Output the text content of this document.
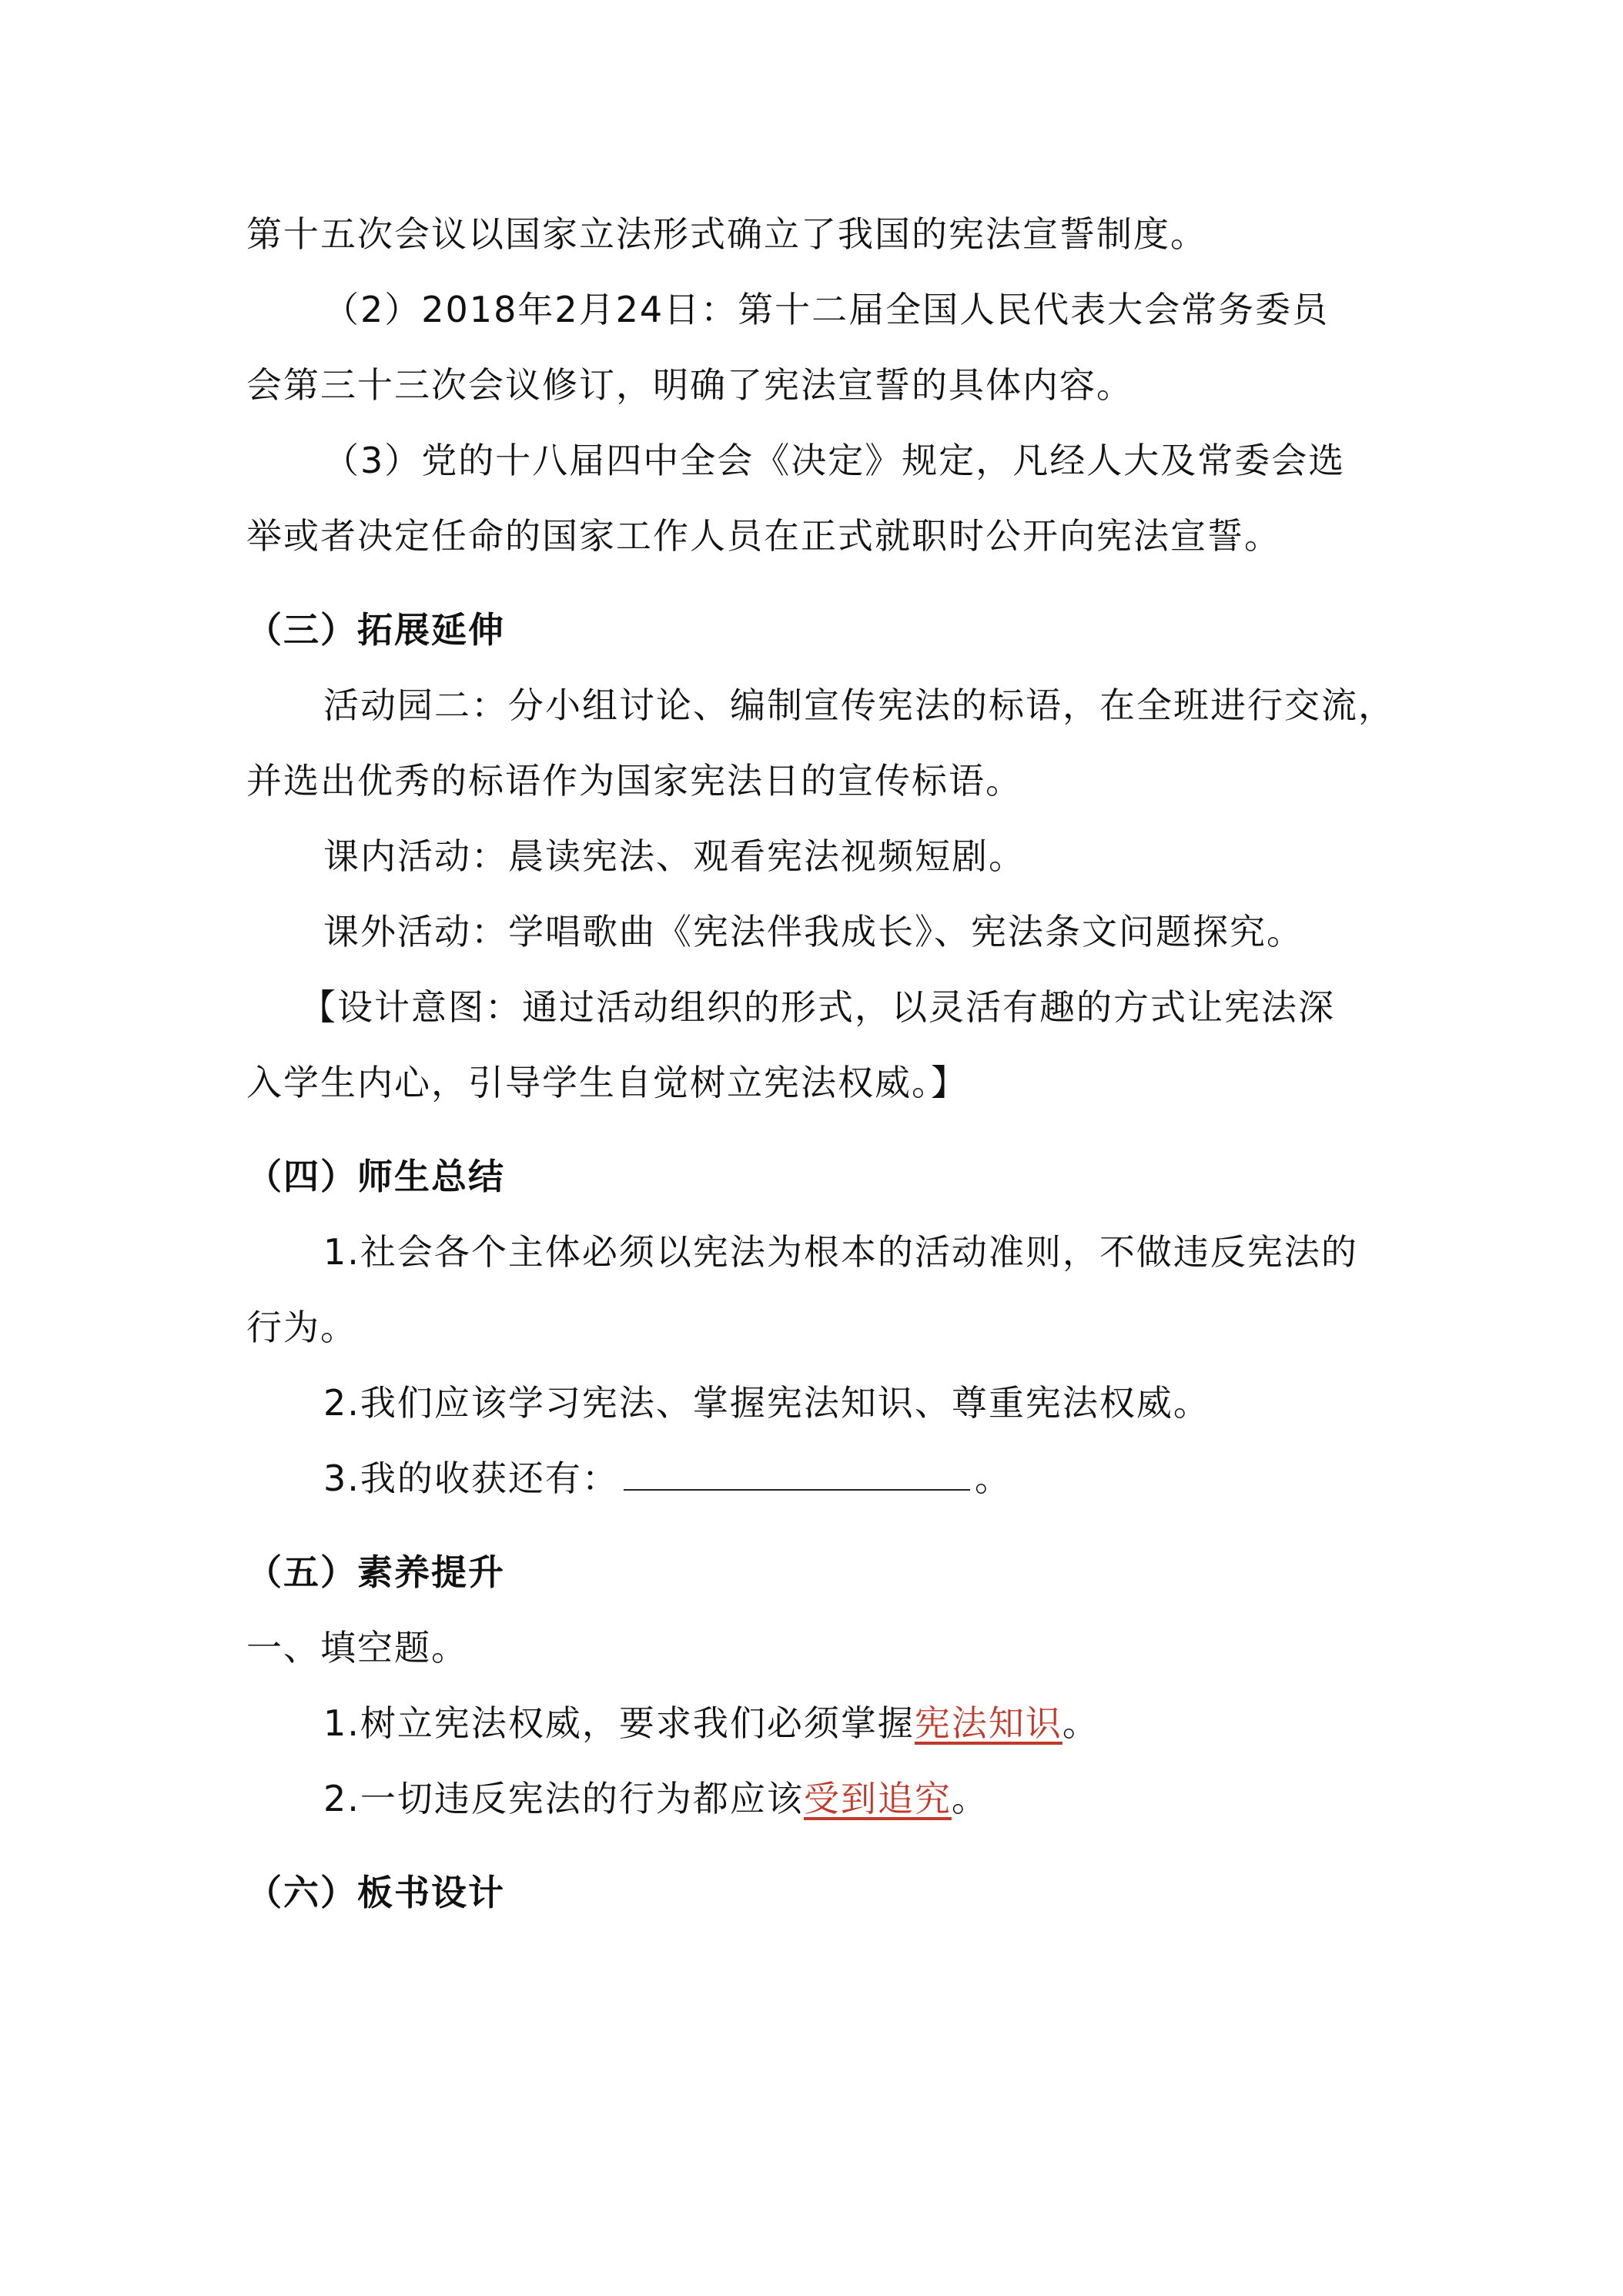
第十五次会议以国家立法形式确立了我国的宪法宣誓制度。
（2）2018年2月24日：第十二届全国人民代表大会常务委员
会第三十三次会议修订，明确了宪法宣誓的具体内容。
（3）党的十八届四中全会《决定》规定，凡经人大及常委会选
举或者决定任命的国家工作人员在正式就职时公开向宪法宣誓。
（三）拓展延伸
活动园二：分小组讨论、编制宣传宪法的标语，在全班进行交流，
并选出优秀的标语作为国家宪法日的宣传标语。
课内活动：晨读宪法、观看宪法视频短剧。
课外活动：学唱歌曲《宪法伴我成长》、宪法条文问题探究。
【设计意图：通过活动组织的形式，以灵活有趣的方式让宪法深
入学生内心，引导学生自觉树立宪法权威。】
（四）师生总结
1.社会各个主体必须以宪法为根本的活动准则，不做违反宪法的
行为。
2.我们应该学习宪法、掌握宪法知识、尊重宪法权威。
3.我的收获还有：	。
（五）素养提升
一、填空题。
1.树立宪法权威，要求我们必须掌握宪法知识。
2.一切违反宪法的行为都应该受到追究。
（六）板书设计
